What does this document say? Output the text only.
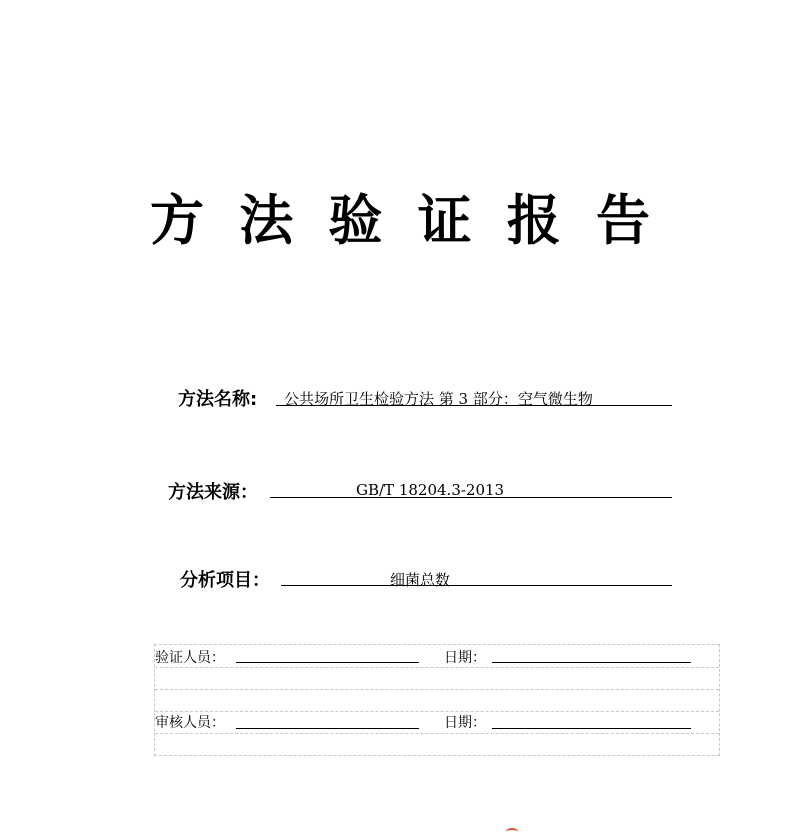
方 法 验 证 报 告
方法名称: 公共场所卫生检验方法 第 3 部分：空气微生物
方法来源：	GB/T 18204.3-2013
分析项目：	细菌总数
验证人员：	日期：
审核人员：	日期：
